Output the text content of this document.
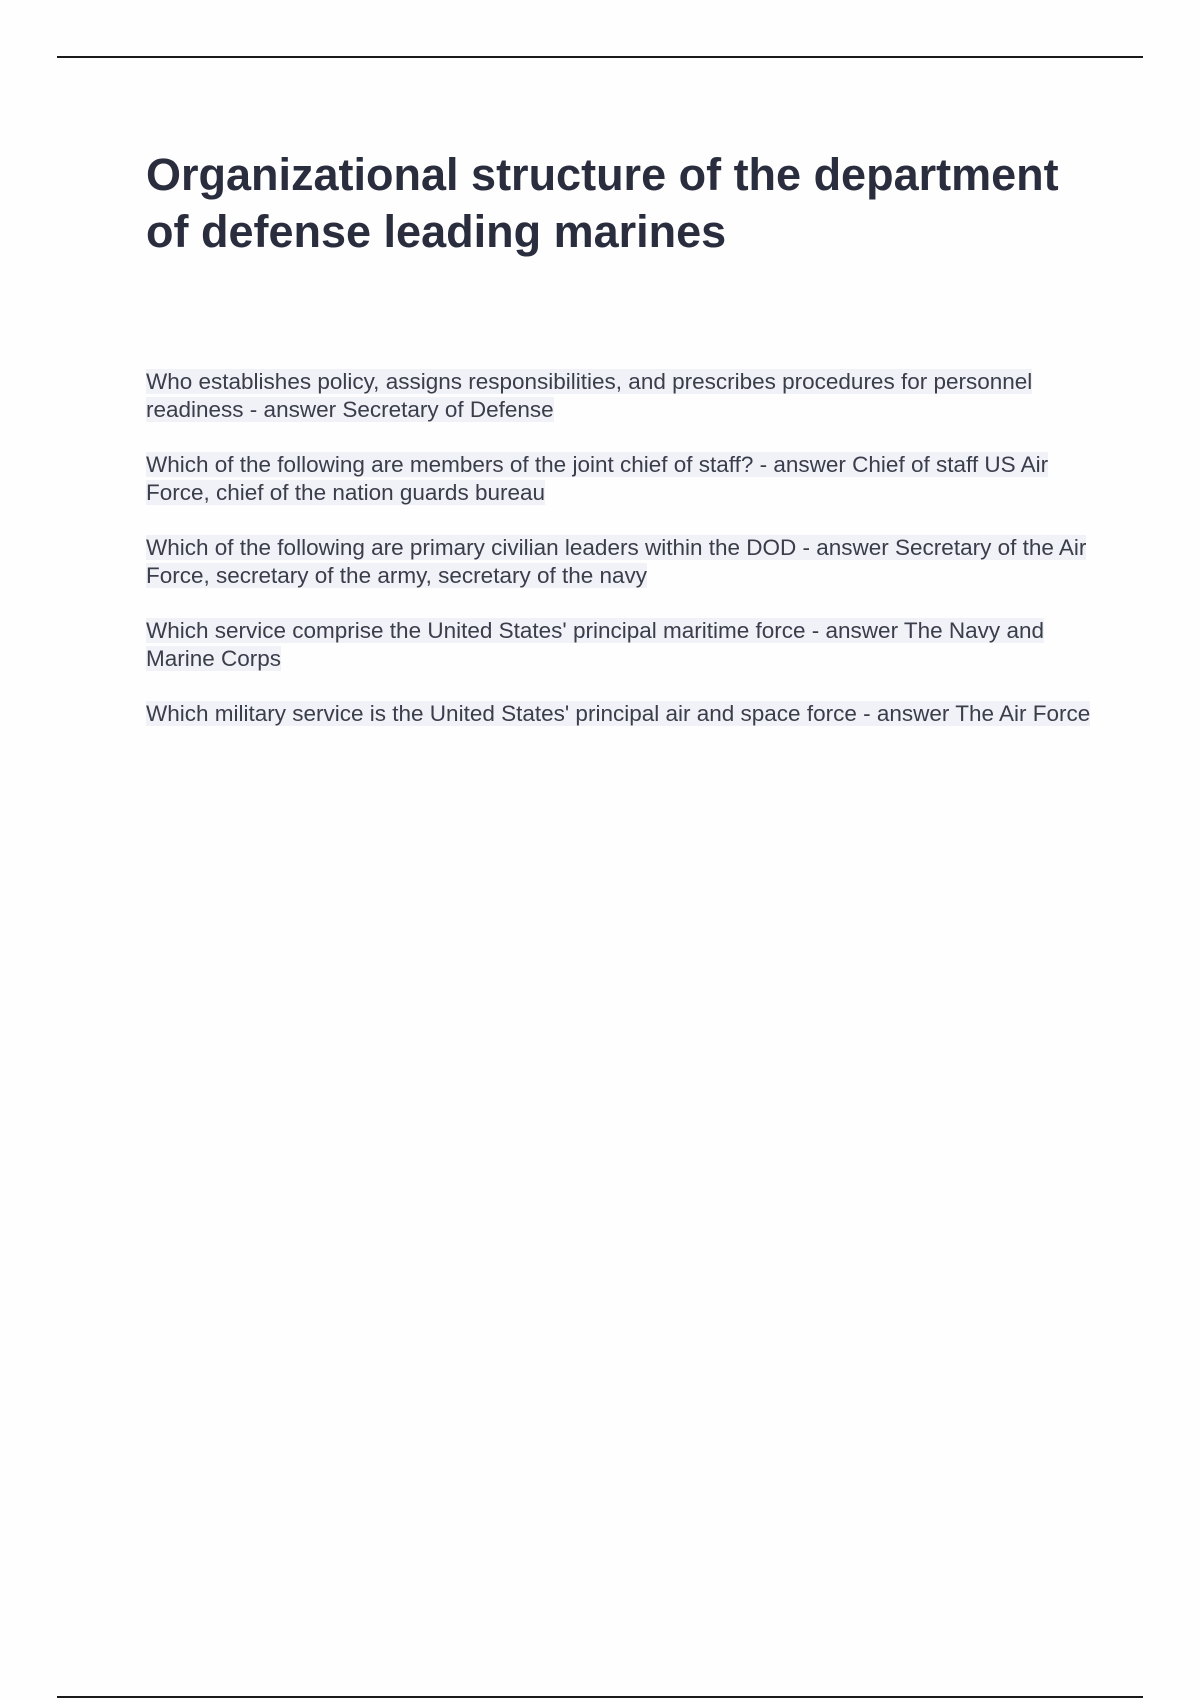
Organizational structure of the department of defense leading marines
Who establishes policy, assigns responsibilities, and prescribes procedures for personnel readiness - answer Secretary of Defense
Which of the following are members of the joint chief of staff? - answer Chief of staff US Air Force, chief of the nation guards bureau
Which of the following are primary civilian leaders within the DOD - answer Secretary of the Air Force, secretary of the army, secretary of the navy
Which service comprise the United States' principal maritime force - answer The Navy and Marine Corps
Which military service is the United States' principal air and space force - answer The Air Force
